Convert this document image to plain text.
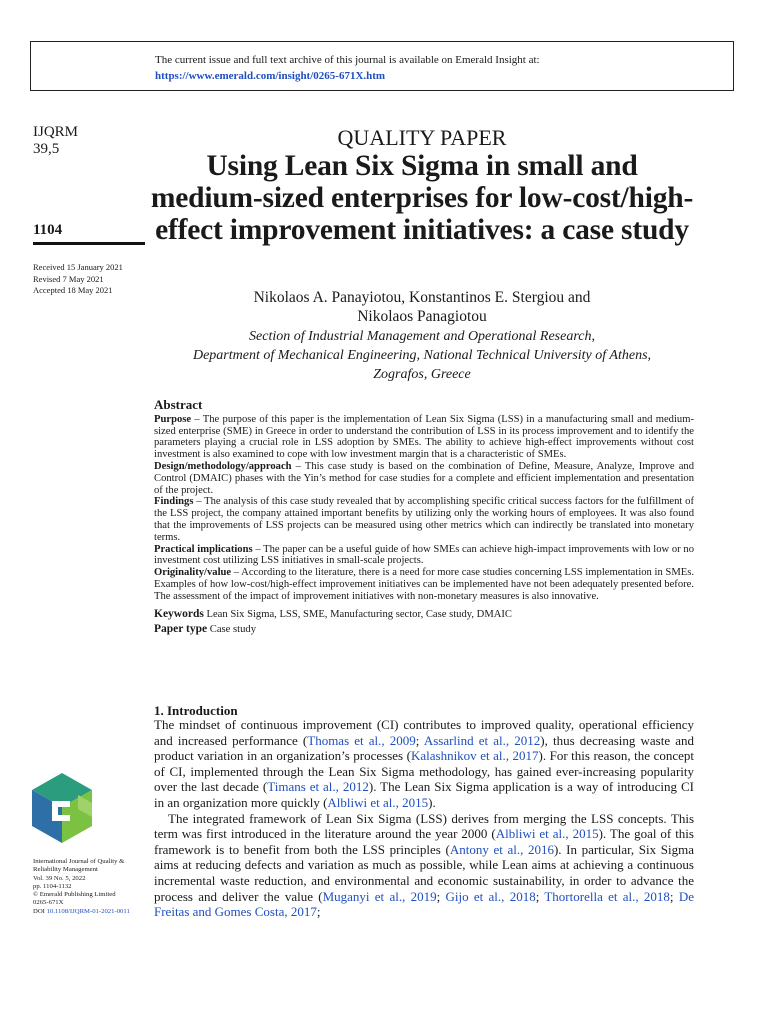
The current issue and full text archive of this journal is available on Emerald Insight at:
https://www.emerald.com/insight/0265-671X.htm
IJQRM
39,5
1104
Received 15 January 2021
Revised 7 May 2021
Accepted 18 May 2021
International Journal of Quality & Reliability Management
Vol. 39 No. 5, 2022
pp. 1104-1132
© Emerald Publishing Limited
0265-671X
DOI 10.1108/IJQRM-01-2021-0011
QUALITY PAPER
Using Lean Six Sigma in small and medium-sized enterprises for low-cost/high-effect improvement initiatives: a case study
Nikolaos A. Panayiotou, Konstantinos E. Stergiou and
Nikolaos Panagiotou
Section of Industrial Management and Operational Research,
Department of Mechanical Engineering, National Technical University of Athens,
Zografos, Greece
Abstract

Purpose – The purpose of this paper is the implementation of Lean Six Sigma (LSS) in a manufacturing small and medium-sized enterprise (SME) in Greece in order to understand the contribution of LSS in its process improvement and to identify the parameters playing a crucial role in LSS adoption by SMEs. The ability to achieve high-effect improvements without cost investment is also examined to cope with low investment margin that is a characteristic of SMEs.

Design/methodology/approach – This case study is based on the combination of Define, Measure, Analyze, Improve and Control (DMAIC) phases with the Yin’s method for case studies for a complete and efficient implementation and presentation of the project.

Findings – The analysis of this case study revealed that by accomplishing specific critical success factors for the fulfillment of the LSS project, the company attained important benefits by utilizing only the working hours of employees. It was also found that the improvements of LSS projects can be measured using other metrics which can indirectly be translated into monetary terms.

Practical implications – The paper can be a useful guide of how SMEs can achieve high-impact improvements with low or no investment cost utilizing LSS initiatives in small-scale projects.

Originality/value – According to the literature, there is a need for more case studies concerning LSS implementation in SMEs. Examples of how low-cost/high-effect improvement initiatives can be implemented have not been adequately presented before. The assessment of the impact of improvement initiatives with non-monetary measures is also innovative.

Keywords Lean Six Sigma, LSS, SME, Manufacturing sector, Case study, DMAIC
Paper type Case study
1. Introduction

The mindset of continuous improvement (CI) contributes to improved quality, operational efficiency and increased performance (Thomas et al., 2009; Assarlind et al., 2012), thus decreasing waste and product variation in an organization’s processes (Kalashnikov et al., 2017). For this reason, the concept of CI, implemented through the Lean Six Sigma methodology, has gained ever-increasing popularity over the last decade (Timans et al., 2012). The Lean Six Sigma application is a way of introducing CI in an organization more quickly (Albliwi et al., 2015).

The integrated framework of Lean Six Sigma (LSS) derives from merging the LSS concepts. This term was first introduced in the literature around the year 2000 (Albliwi et al., 2015). The goal of this framework is to benefit from both the LSS principles (Antony et al., 2016). In particular, Six Sigma aims at reducing defects and variation as much as possible, while Lean aims at achieving a continuous incremental waste reduction, and environmental and economic sustainability, in order to advance the process and deliver the value (Muganyi et al., 2019; Gijo et al., 2018; Thortorella et al., 2018; De Freitas and Gomes Costa, 2017;
